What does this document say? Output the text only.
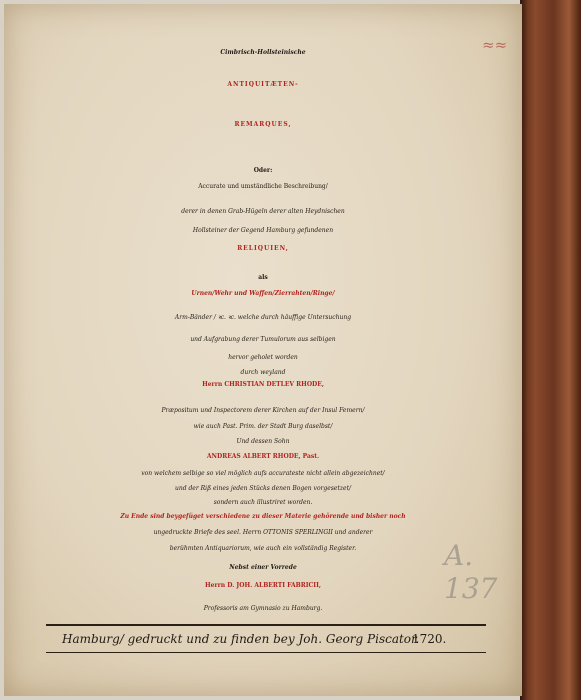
≈≈
Cimbrisch-Hollsteinische
ANTIQUITÆTEN-
REMARQUES,
Oder:
Accurate und umständliche Beschreibung/
derer in denen Grab-Hügeln derer alten Heydnischen
Hollsteiner der Gegend Hamburg gefundenen
RELIQUIEN,
als
Urnen/Wehr und Waffen/Zierrahten/Ringe/
Arm-Bänder / ꝛc. ꝛc. welche durch häuffige Untersuchung
und Aufgrabung derer Tumulorum aus selbigen
hervor geholet worden
durch weyland
Herrn CHRISTIAN DETLEV RHODE,
Præpositum und Inspectorem derer Kirchen auf der Insul Femern/
wie auch Past. Prim. der Stadt Burg daselbst/
Und dessen Sohn
ANDREAS ALBERT RHODE, Past.
von welchem selbige so viel möglich aufs accurateste nicht allein abgezeichnet/
und der Riß eines jeden Stücks denen Bogen vorgesetzet/
sondern auch illustriret worden.
Zu Ende sind beygefüget verschiedene zu dieser Materie gehörende und bisher noch
ungedruckte Briefe des seel. Herrn OTTONIS SPERLINGII und anderer
berühmten Antiquariorum, wie auch ein vollständig Register.
Nebst einer Vorrede
Herrn D. JOH. ALBERTI FABRICII,
Professoris am Gymnasio zu Hamburg.
Hamburg/ gedruckt und zu finden bey Joh. Georg Piscator.
1720.
A. 137
